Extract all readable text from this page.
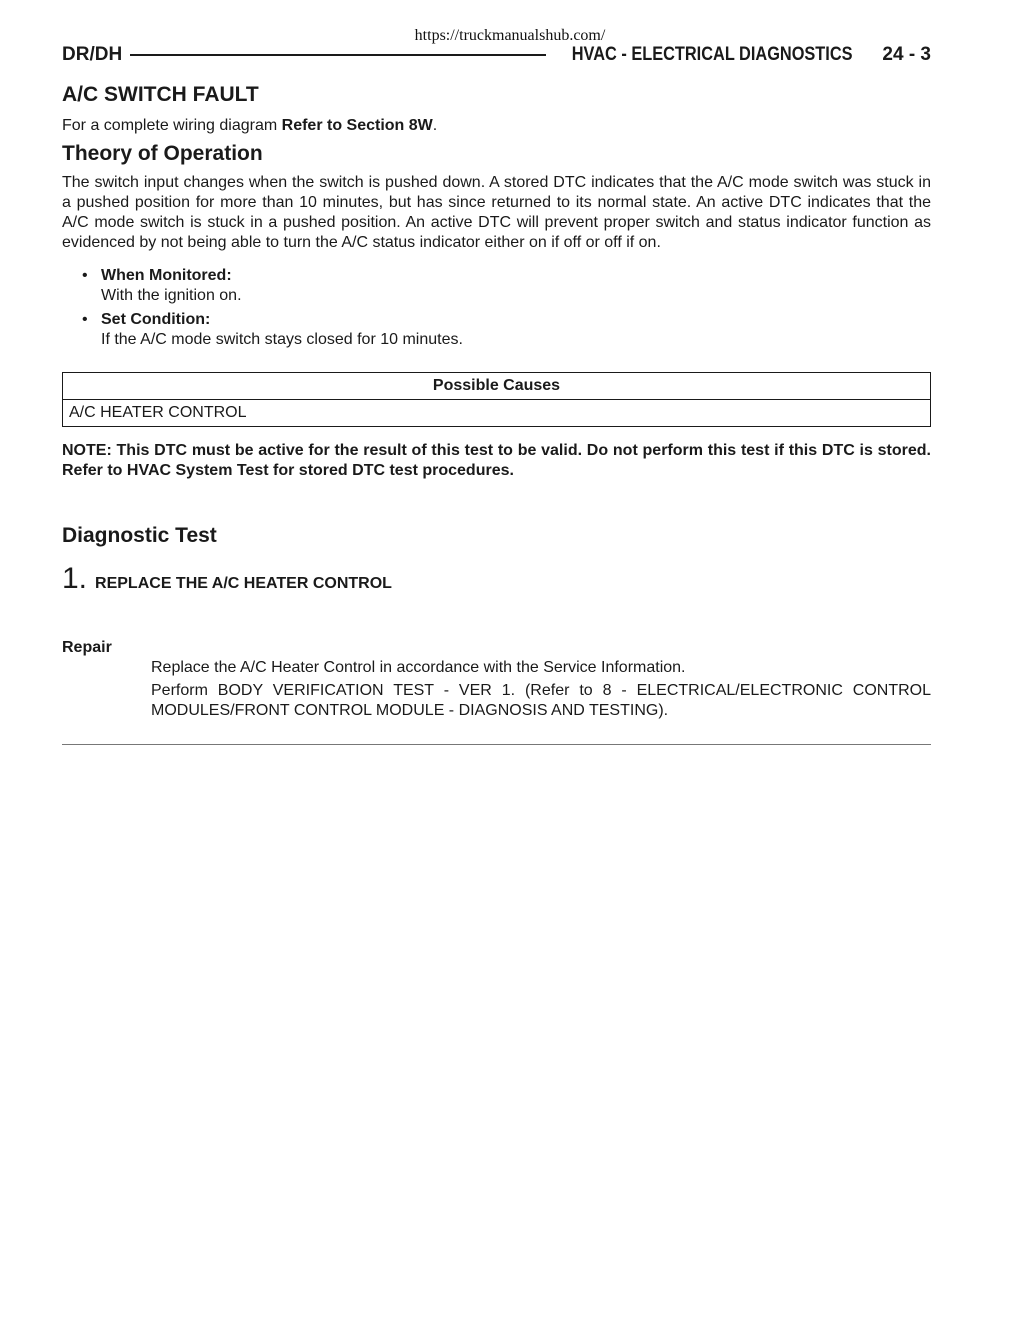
https://truckmanualshub.com/
DR/DH	HVAC - ELECTRICAL DIAGNOSTICS 24 - 3
A/C SWITCH FAULT

For a complete wiring diagram Refer to Section 8W.

Theory of Operation

The switch input changes when the switch is pushed down. A stored DTC indicates that the A/C mode switch was stuck in a pushed position for more than 10 minutes, but has since returned to its normal state. An active DTC indicates that the A/C mode switch is stuck in a pushed position. An active DTC will prevent proper switch and status indicator function as evidenced by not being able to turn the A/C status indicator either on if off or off if on.

• When Monitored:
With the ignition on.
• Set Condition:
If the A/C mode switch stays closed for 10 minutes.
Possible Causes
A/C HEATER CONTROL

NOTE: This DTC must be active for the result of this test to be valid. Do not perform this test if this DTC is stored. Refer to HVAC System Test for stored DTC test procedures.

Diagnostic Test
1. REPLACE THE A/C HEATER CONTROL
Repair

Replace the A/C Heater Control in accordance with the Service Information.

Perform BODY VERIFICATION TEST - VER 1. (Refer to 8 - ELECTRICAL/ELECTRONIC CONTROL MODULES/FRONT CONTROL MODULE - DIAGNOSIS AND TESTING).
